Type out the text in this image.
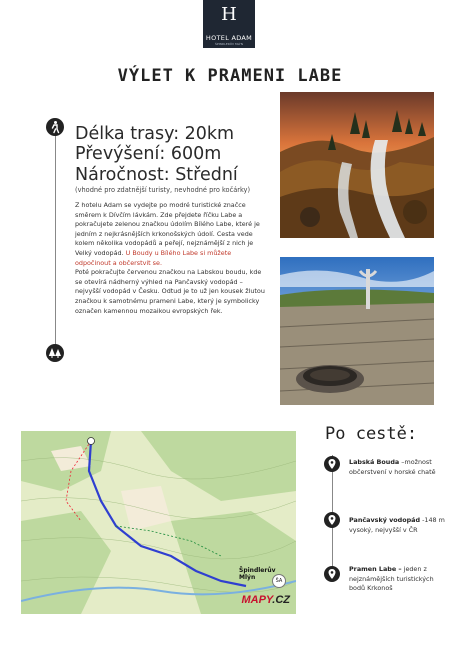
H
HOTEL ADAM
ŠPINDLERŮV MLÝN
VÝLET K PRAMENI LABE
Délka trasy: 20km
Převýšení: 600m
Náročnost: Střední
(vhodné pro zdatnější turisty, nevhodné pro kočárky)
Z hotelu Adam se vydejte po modré turistické značce směrem k Dívčím lávkám. Zde přejdete říčku Labe a pokračujete zelenou značkou údolím Bílého Labe, které je jedním z nejkrásnějších krkonošských údolí. Cesta vede kolem několika vodopádů a peřejí, nejznámější z nich je Velký vodopád. U Boudy u Bílého Labe si můžete odpočinout a občerstvit se.
Poté pokračujte červenou značkou na Labskou boudu, kde se otevírá nádherný výhled na Pančavský vodopád – nejvyšší vodopád v Česku. Odtud je to už jen kousek žlutou značkou k samotnému prameni Labe, který je symbolicky označen kamennou mozaikou evropských řek.
Špindlerův
Mlýn	ŠA
MAPY.CZ
Po cestě:
Labská Bouda –možnost občerstvení v horské chatě
Pančavský vodopád -148 m vysoký, nejvyšší v ČR
Pramen Labe – jeden z nejznámějších turistických bodů Krkonoš
